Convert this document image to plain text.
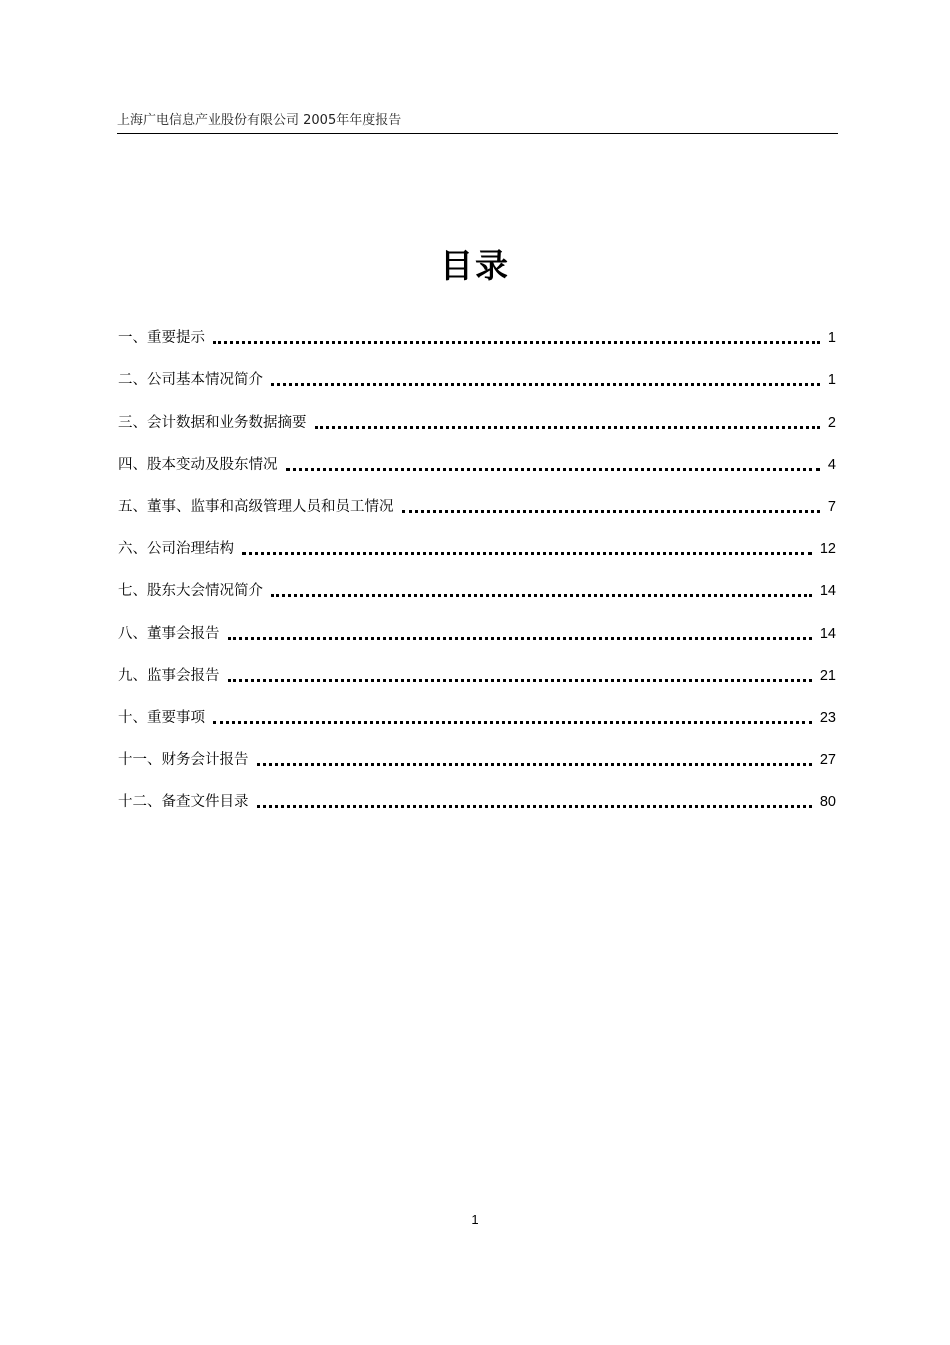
上海广电信息产业股份有限公司 2005年年度报告
目录
一、重要提示	1
二、公司基本情况简介	1
三、会计数据和业务数据摘要	2
四、股本变动及股东情况	4
五、董事、监事和高级管理人员和员工情况	7
六、公司治理结构	12
七、股东大会情况简介	14
八、董事会报告	14
九、监事会报告	21
十、重要事项	23
十一、财务会计报告	27
十二、备查文件目录	80
1
